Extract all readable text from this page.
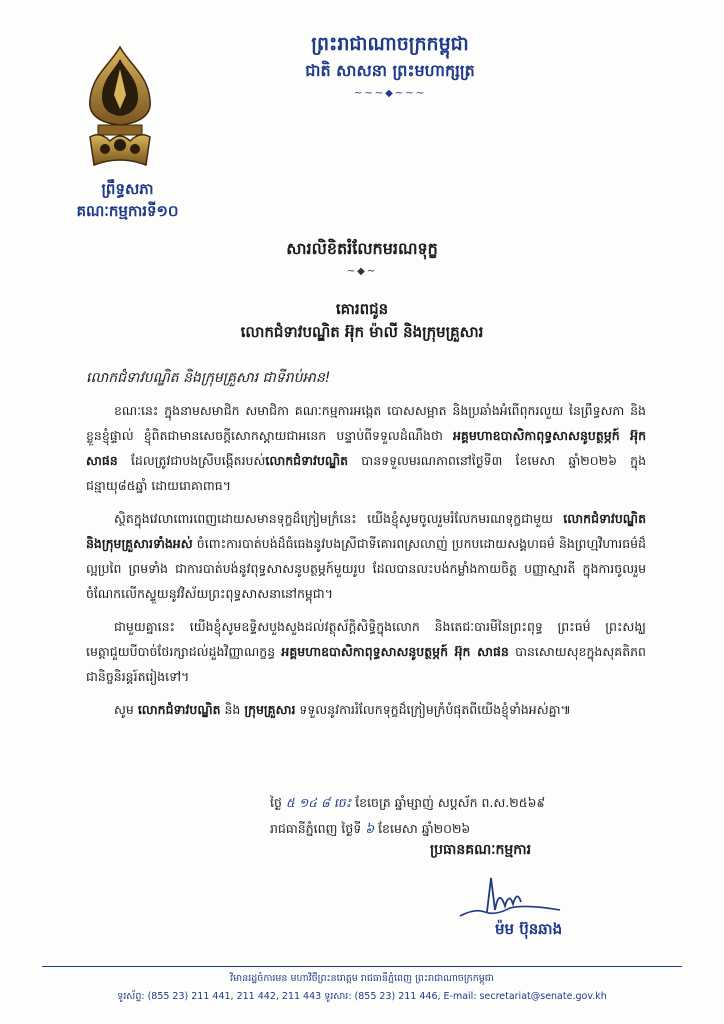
ព្រះរាជាណាចក្រកម្ពុជា
ជាតិ សាសនា ព្រះមហាក្សត្រ
~~~◆~~~
ព្រឹទ្ធសភា
គណៈកម្មការទី១០
សារលិខិតរំលែកមរណទុក្ខ
~◆~
គោរពជូន
លោកជំទាវបណ្ឌិត អ៊ុក ម៉ាលី និងក្រុមគ្រួសារ
លោកជំទាវបណ្ឌិត និងក្រុមគ្រួសារ ជាទីរាប់អាន!

ខណៈនេះ ក្នុងនាមសមាជិក សមាជិកា គណៈកម្មការអង្កេត បោសសម្អាត និងប្រឆាំងអំពើពុករលួយ នៃព្រឹទ្ធសភា និងខ្លួនខ្ញុំផ្ទាល់ ខ្ញុំពិតជាមានសេចក្ដីសោកស្ដាយជាអនេក បន្ទាប់ពីទទួលដំណឹងថា អគ្គមហាឧបាសិកាពុទ្ធសាសនូបត្ថម្ភក៍ អ៊ុក សាផន ដែលត្រូវជាបងស្រីបង្កើតរបស់លោកជំទាវបណ្ឌិត បានទទួលមរណភាពនៅថ្ងៃទី៣ ខែមេសា ឆ្នាំ២០២៦ ក្នុងជន្មាយុ៨៥ឆ្នាំ ដោយរោគាពាធ។

ស្ថិតក្នុងវេលាពោរពេញដោយសមានទុក្ខដ៏ក្រៀមក្រំនេះ យើងខ្ញុំសូមចូលរួមរំលែកមរណទុក្ខជាមួយ លោកជំទាវបណ្ឌិត និងក្រុមគ្រួសារទាំងអស់ ចំពោះការបាត់បង់ដ៏ធំធេងនូវបងស្រីជាទីគោរពស្រលាញ់ ប្រកបដោយសង្គហធម៌ និងព្រហ្មវិហារធម៌ដ៏ល្អប្រពៃ ព្រមទាំង ជាការបាត់បង់នូវពុទ្ធសាសនូបត្ថម្ភក៍មួយរូប ដែលបានលះបង់កម្លាំងកាយចិត្ត បញ្ញាស្មារតី ក្នុងការចូលរួមចំណែកលើកស្ទួយនូវវិស័យព្រះពុទ្ធសាសនានៅកម្ពុជា។

ជាមួយគ្នានេះ យើងខ្ញុំសូមឧទ្ទិសបួងសួងដល់វត្ថុស័ក្តិសិទ្ធិក្នុងលោក និងតេជៈបារមីនៃព្រះពុទ្ធ ព្រះធម៌ ព្រះសង្ឃ មេត្តាជួយបីបាច់ថែរក្សាដល់ដួងវិញ្ញាណក្ខន្ធ អគ្គមហាឧបាសិកាពុទ្ធសាសនូបត្ថម្ភក៍ អ៊ុក សាផន បានសោយសុខក្នុងសុគតិភពជានិច្ចនិរន្តរ៍តរៀងទៅ។

សូម លោកជំទាវបណ្ឌិត និង ក្រុមគ្រួសារ ទទួលនូវការរំលែកទុក្ខដ៏ក្រៀមក្រំបំផុតពីយើងខ្ញុំទាំងអស់គ្នា៕

ថ្ងៃ ៥ ១៤ ៨ ចេះ ខែចេត្រ ឆ្នាំម្សាញ់ សប្តស័ក ព.ស.២៥៦៩
រាជធានីភ្នំពេញ ថ្ងៃទី ៦ ខែមេសា ឆ្នាំ២០២៦
ប្រធានគណៈកម្មការ
ម៉ម ប៊ុនឆាង
វិមានរដ្ឋចំការមន មហាវិថីព្រះនរោត្តម រាជធានីភ្នំពេញ ព្រះរាជាណាចក្រកម្ពុជា
ទូរស័ព្ទ: (855 23) 211 441, 211 442, 211 443 ទូរសារ: (855 23) 211 446, E-mail: secretariat@senate.gov.kh
